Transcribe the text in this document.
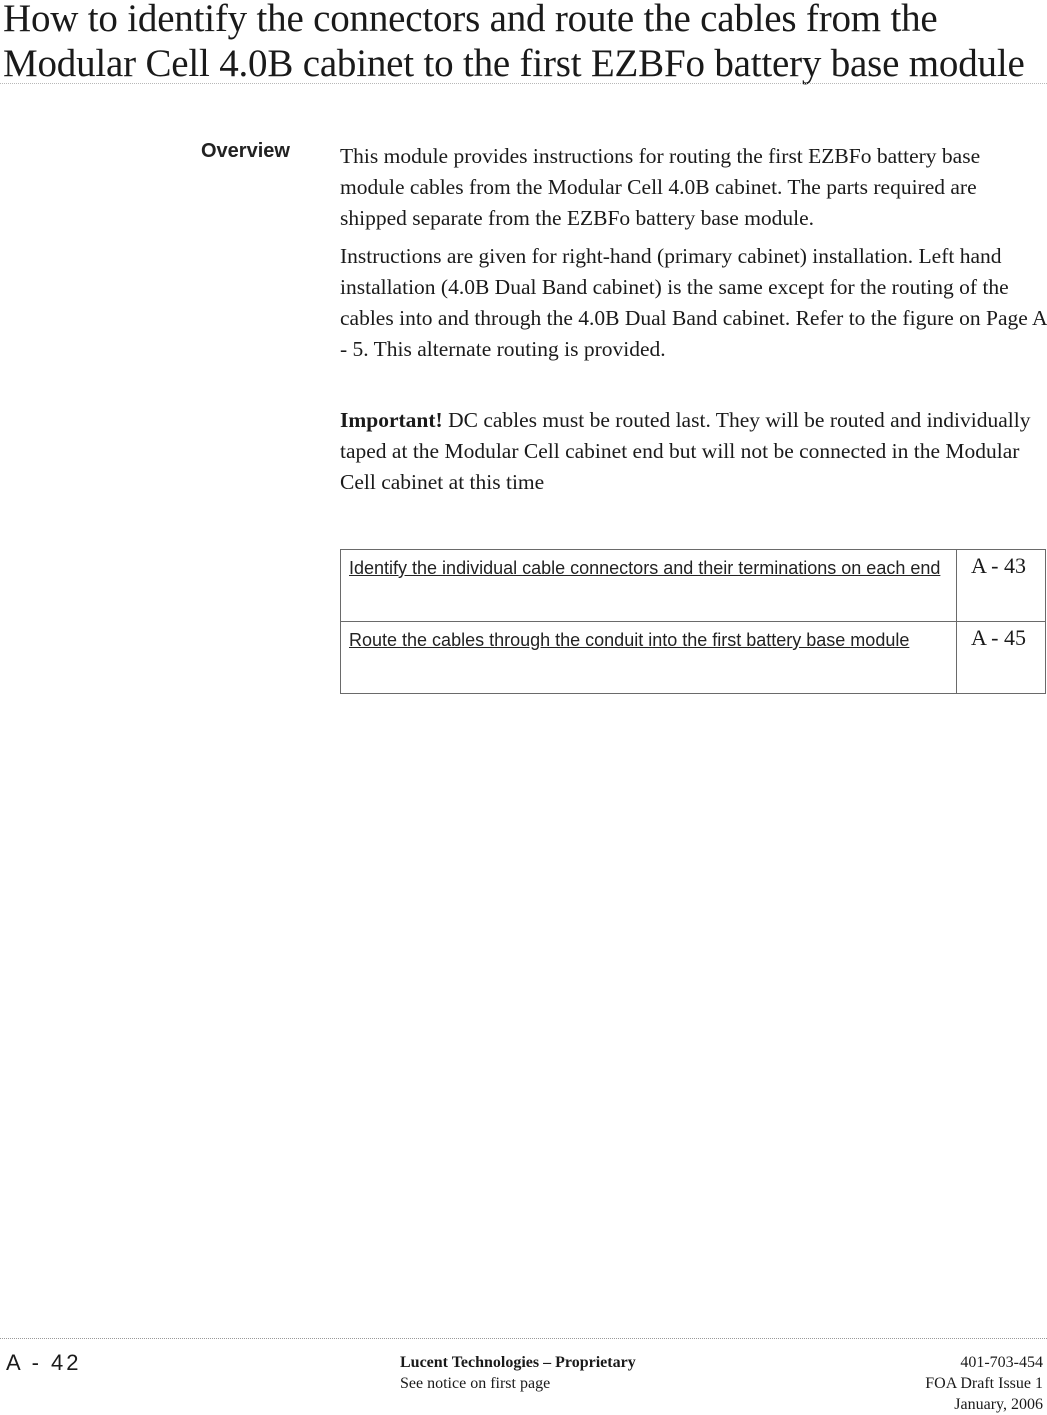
How to identify the connectors and route the cables from the Modular Cell 4.0B cabinet to the first EZBFo battery base module
Overview This module provides instructions for routing the first EZBFo battery base module cables from the Modular Cell 4.0B cabinet. The parts required are shipped separate from the EZBFo battery base module.

Instructions are given for right-hand (primary cabinet) installation. Left hand installation (4.0B Dual Band cabinet) is the same except for the routing of the cables into and through the 4.0B Dual Band cabinet. Refer to the figure on Page A - 5. This alternate routing is provided.

Important! DC cables must be routed last. They will be routed and individually taped at the Modular Cell cabinet end but will not be connected in the Modular Cell cabinet at this time

Identify the individual cable connectors and their terminations on each end	A - 43
Route the cables through the conduit into the first battery base module	A - 45
A - 42	Lucent Technologies – Proprietary
See notice on first page
401-703-454
FOA Draft Issue 1
January, 2006
